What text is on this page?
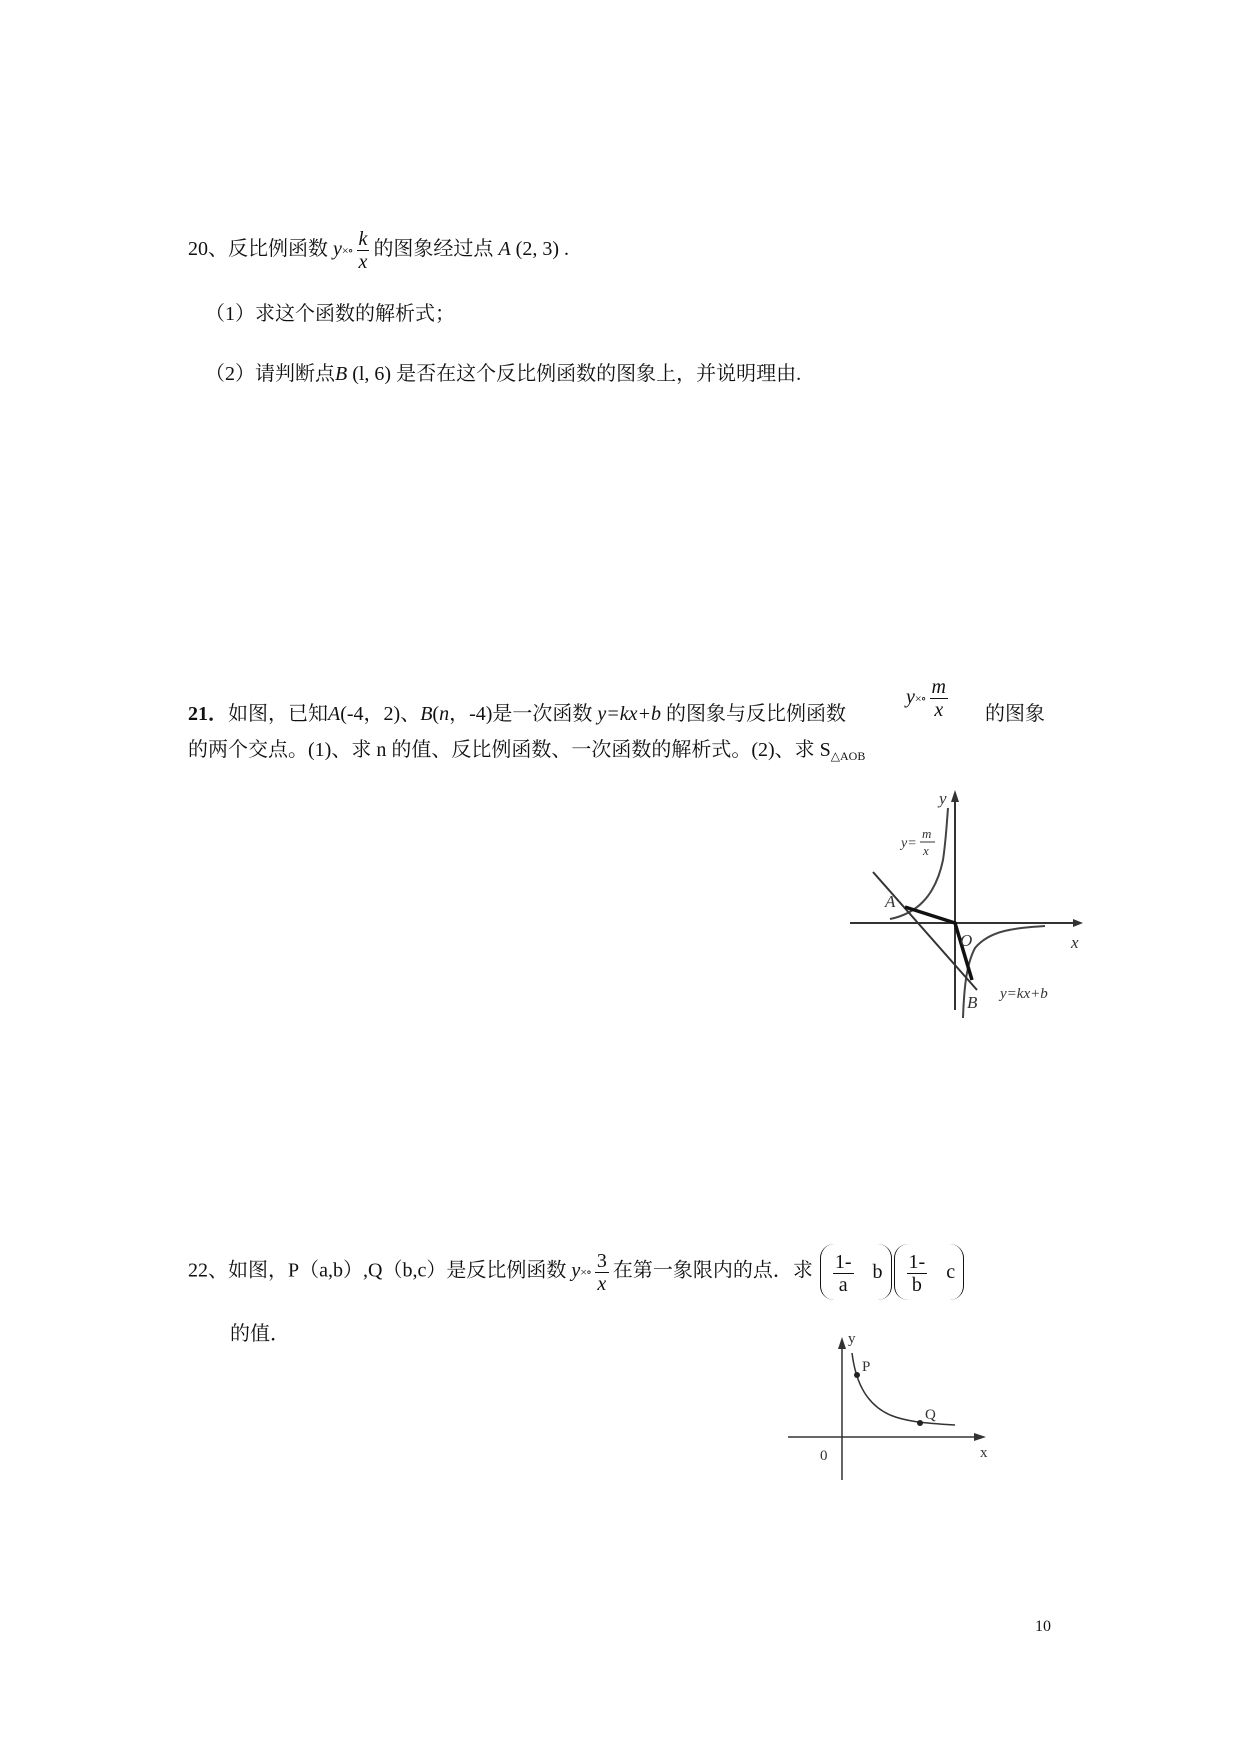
20、反比例函数 y×∘ $\frac{k}{x}$ 的图象经过点 A (2, 3) .
（1）求这个函数的解析式；
（2）请判断点B (l, 6) 是否在这个反比例函数的图象上，并说明理由.
21．如图，已知A(-4，2)、B(n，-4)是一次函数 y=kx+b 的图象与反比例函数
y×∘ $\frac{m}{x}$ 的图象
的两个交点。(1)、求 n 的值、反比例函数、一次函数的解析式。(2)、求 $S_{\triangle AOB}$
y
x
O
A
B
y=
m
x
y=kx+b
22、如图，P（a,b）,Q（b,c）是反比例函数 y×∘ $\frac{3}{x}$ 在第一象限内的点．求 $\frac{1-}{a}$ b $\frac{1-}{b}$ c
的值．	y
x
0
P
Q
10
